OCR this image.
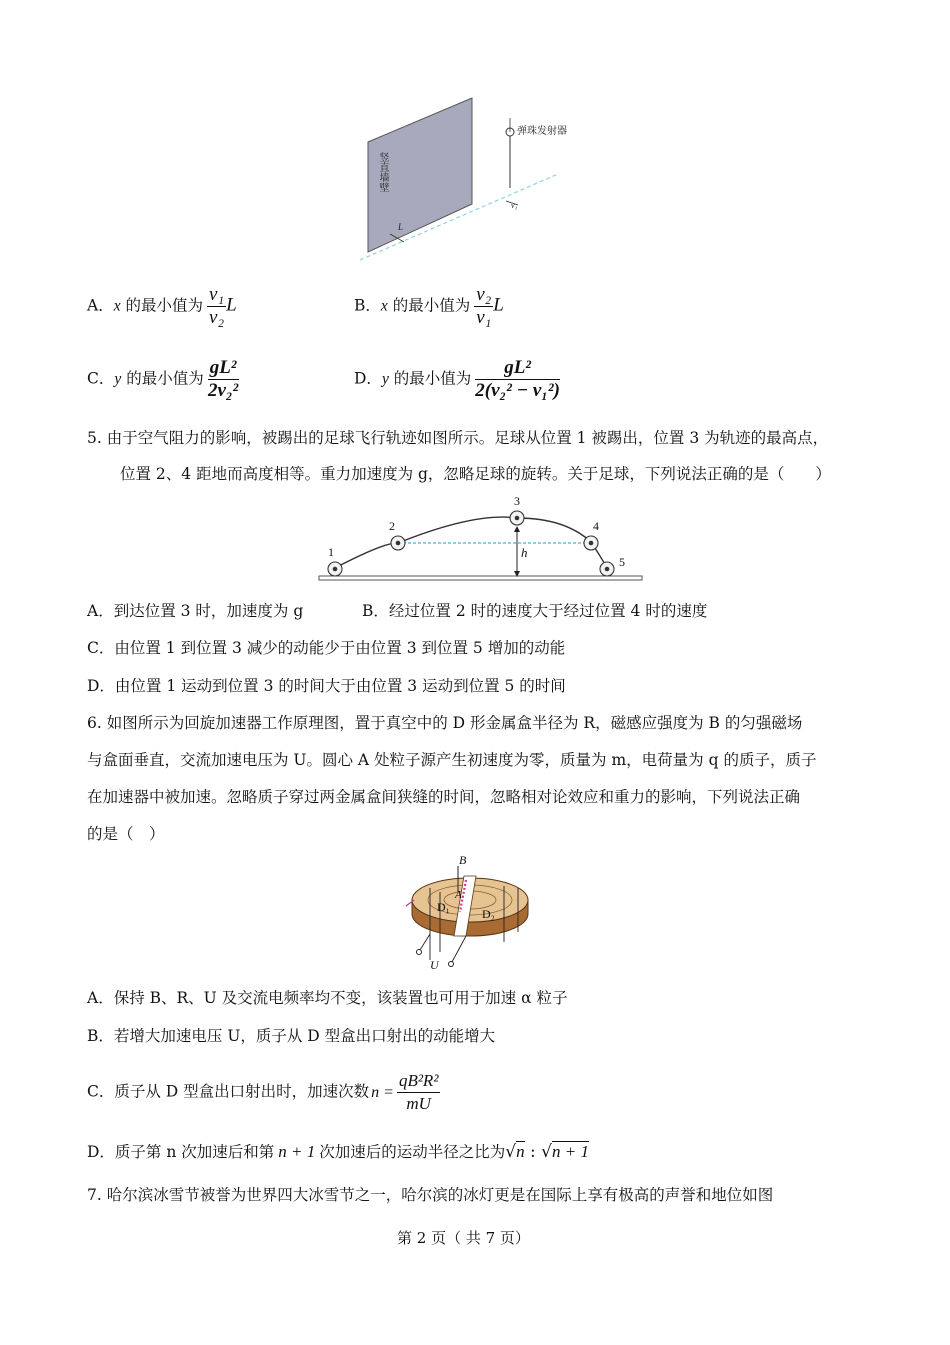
竖直墙壁
弹珠发射器
L
v₁
A．x 的最小值为 $\frac{\text{v₁}}{\text{v₂}}$ L	B．x 的最小值为 $\frac{\text{v₂}}{\text{v₁}}$ L
C．y 的最小值为 $\frac{\text{gL²}}{\text{2v₂²}}$	D．y 的最小值为 $\frac{\text{gL²}}{\text{2(v₂² − v₁²)}}$
5. 由于空气阻力的影响，被踢出的足球飞行轨迹如图所示。足球从位置 1 被踢出，位置 3 为轨迹的最高点，
位置 2、4 距地而高度相等。重力加速度为 g，忽略足球的旋转。关于足球，下列说法正确的是（　　）
1
2
3
4
5
h
A．到达位置 3 时，加速度为 g	B．经过位置 2 时的速度大于经过位置 4 时的速度
C．由位置 1 到位置 3 减少的动能少于由位置 3 到位置 5 增加的动能
D．由位置 1 运动到位置 3 的时间大于由位置 3 运动到位置 5 的时间
6. 如图所示为回旋加速器工作原理图，置于真空中的 D 形金属盒半径为 R，磁感应强度为 B 的匀强磁场
与盒面垂直，交流加速电压为 U。圆心 A 处粒子源产生初速度为零，质量为 m，电荷量为 q 的质子，质子
在加速器中被加速。忽略质子穿过两金属盒间狭缝的时间，忽略相对论效应和重力的影响，下列说法正确
的是（　）
B
A
D₁	D₂
U
A．保持 B、R、U 及交流电频率均不变，该装置也可用于加速 α 粒子
B．若增大加速电压 U，质子从 D 型盒出口射出的动能增大
C．质子从 D 型盒出口射出时，加速次数 $n = \frac{\text{qB²R²}}{mU}$
D．质子第 n 次加速后和第 n + 1 次加速后的运动半径之比为√n : √n + 1
7. 哈尔滨冰雪节被誉为世界四大冰雪节之一，哈尔滨的冰灯更是在国际上享有极高的声誉和地位如图
第 2 页（ 共 7 页）
